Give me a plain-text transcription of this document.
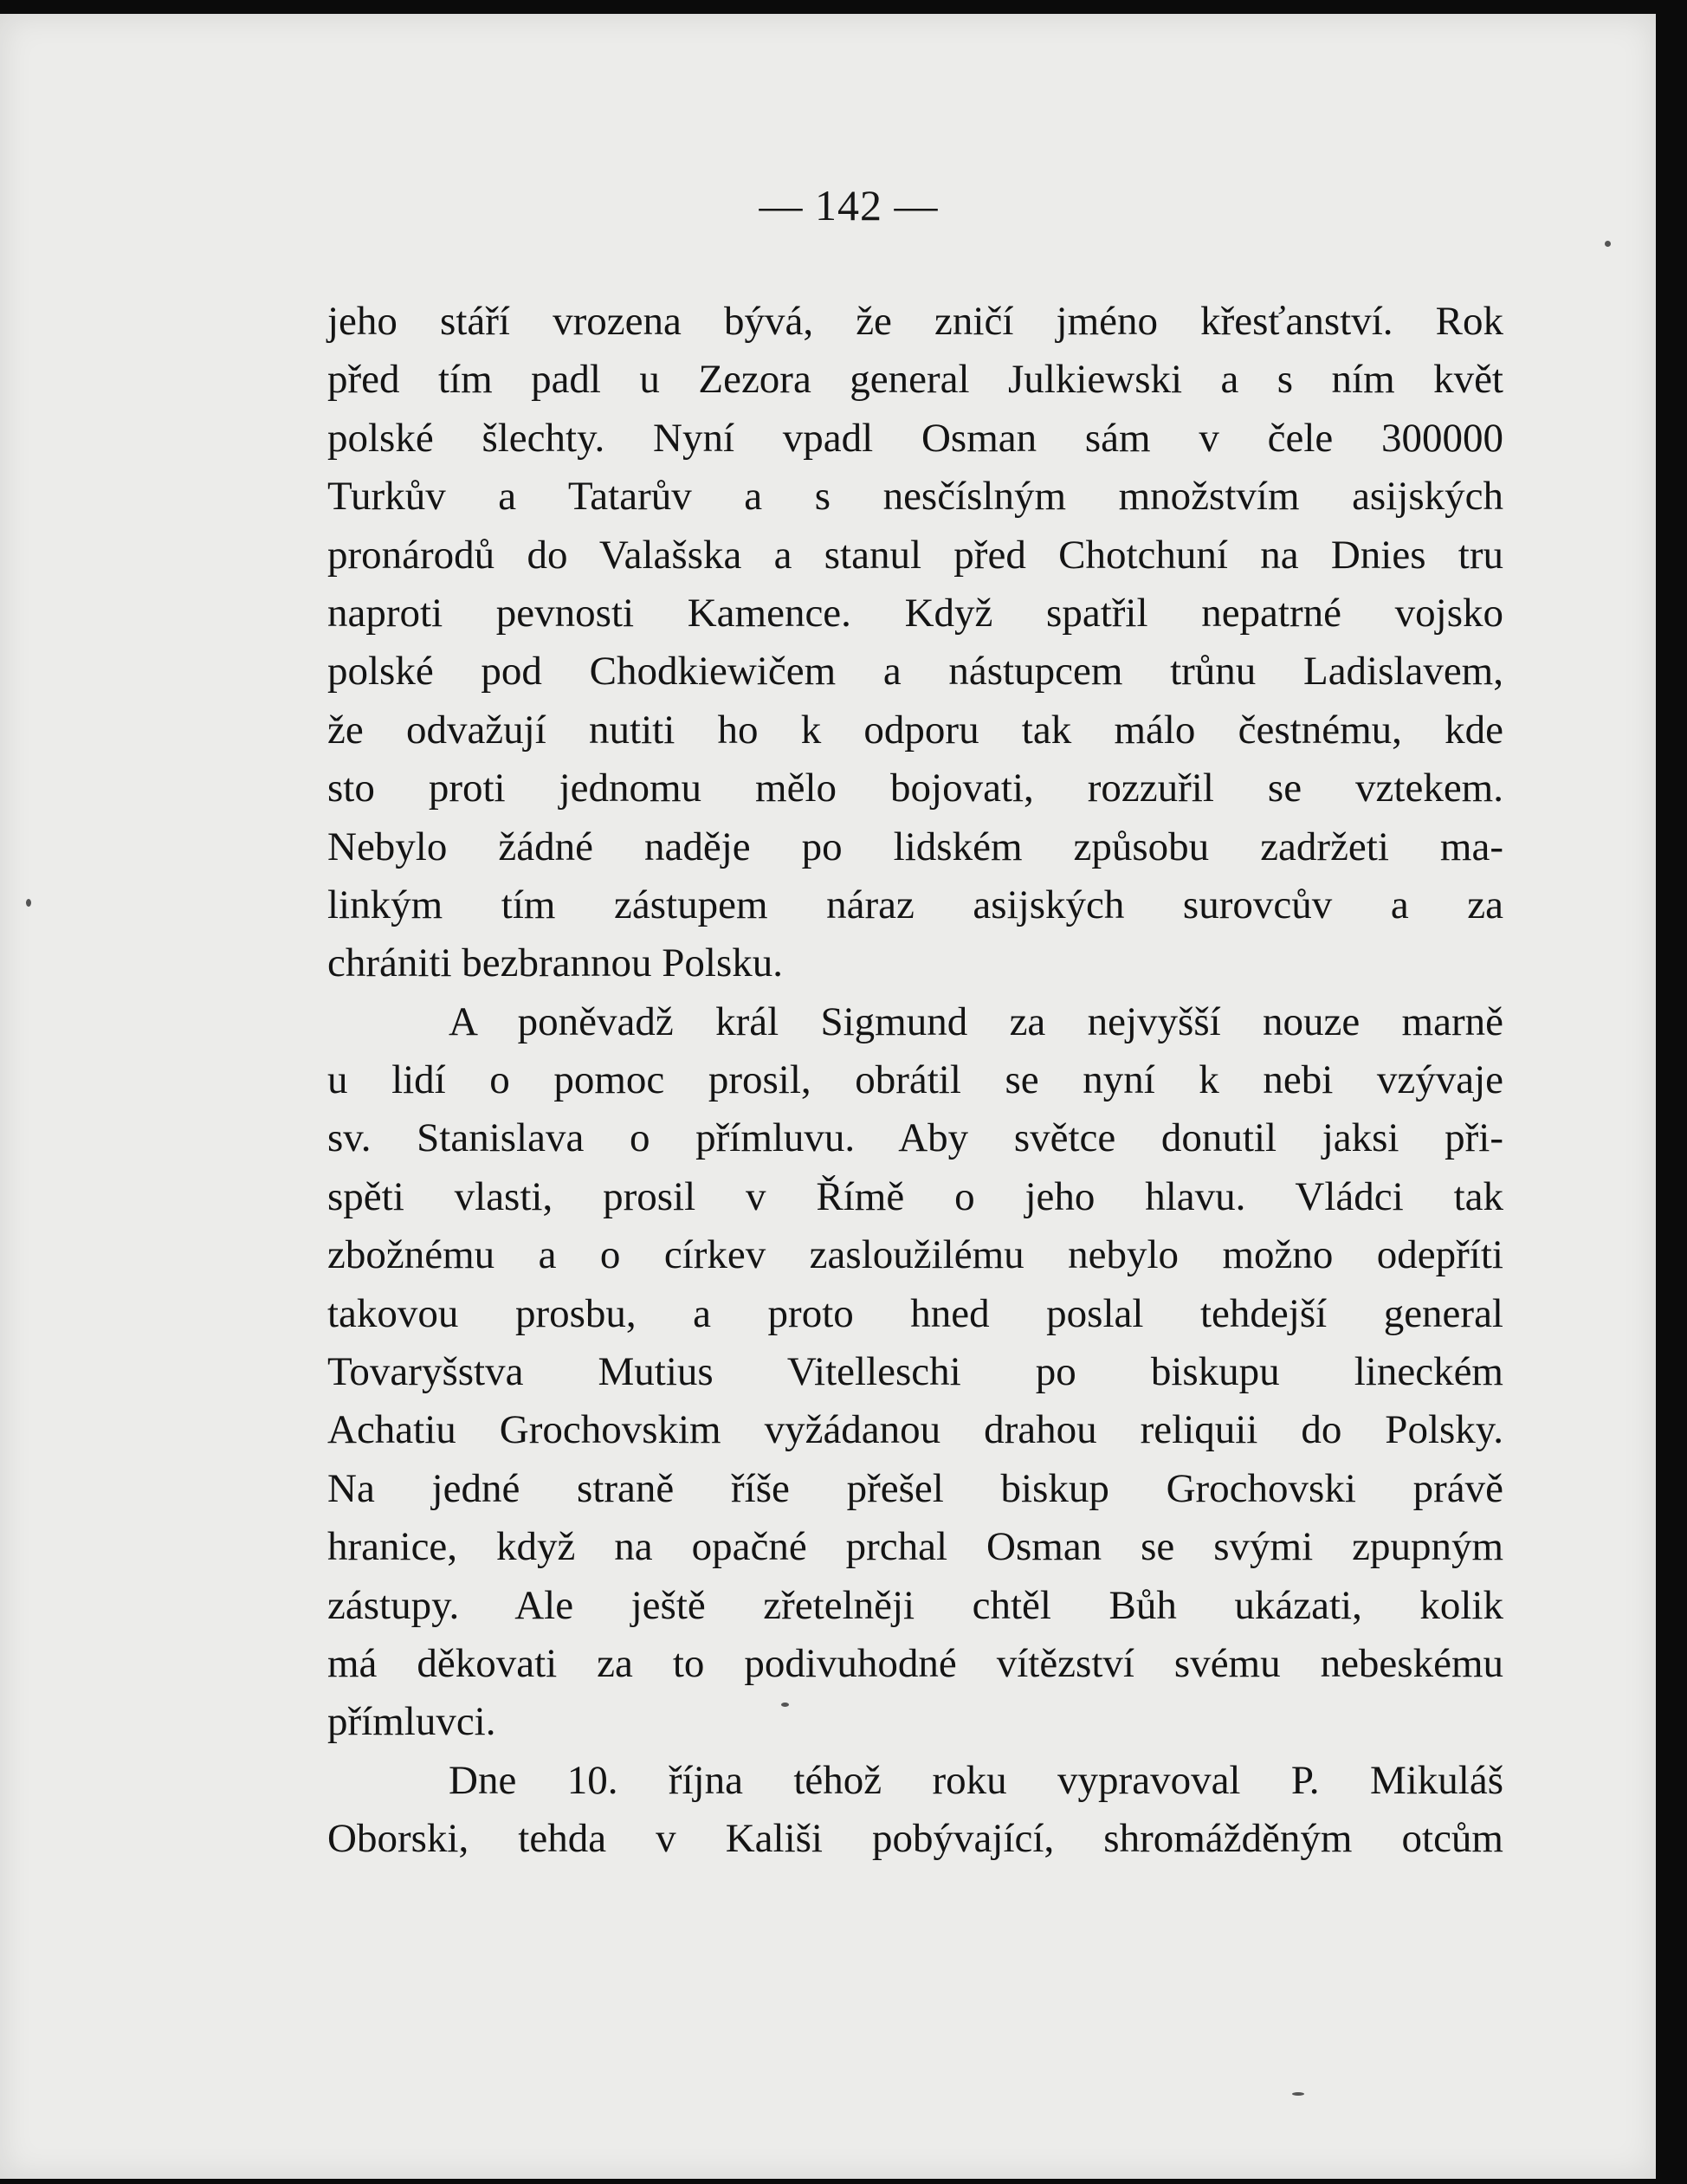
— 142 —
jeho stáří vrozena bývá, že zničí jméno křesťanství. Rok
před tím padl u Zezora general Julkiewski a s ním květ
polské šlechty. Nyní vpadl Osman sám v čele 300000
Turkův a Tatarův a s nesčíslným množstvím asijských
pronárodů do Valašska a stanul před Chotchuní na Dnies tru
naproti pevnosti Kamence. Když spatřil nepatrné vojsko
polské pod Chodkiewičem a nástupcem trůnu Ladislavem,
že odvažují nutiti ho k odporu tak málo čestnému, kde
sto proti jednomu mělo bojovati, rozzuřil se vztekem.
Nebylo žádné naděje po lidském způsobu zadržeti ma-
linkým tím zástupem náraz asijských surovcův a za
chrániti bezbrannou Polsku.
A poněvadž král Sigmund za nejvyšší nouze marně
u lidí o pomoc prosil, obrátil se nyní k nebi vzývaje
sv. Stanislava o přímluvu. Aby světce donutil jaksi při-
spěti vlasti, prosil v Římě o jeho hlavu. Vládci tak
zbožnému a o církev zasloužilému nebylo možno odepříti
takovou prosbu, a proto hned poslal tehdejší general
Tovaryšstva Mutius Vitelleschi po biskupu lineckém
Achatiu Grochovskim vyžádanou drahou reliquii do Polsky.
Na jedné straně říše přešel biskup Grochovski právě
hranice, když na opačné prchal Osman se svými zpupným
zástupy. Ale ještě zřetelněji chtěl Bůh ukázati, kolik
má děkovati za to podivuhodné vítězství svému nebeskému
přímluvci.
Dne 10. října téhož roku vypravoval P. Mikuláš
Oborski, tehda v Kališi pobývající, shromážděným otcům
